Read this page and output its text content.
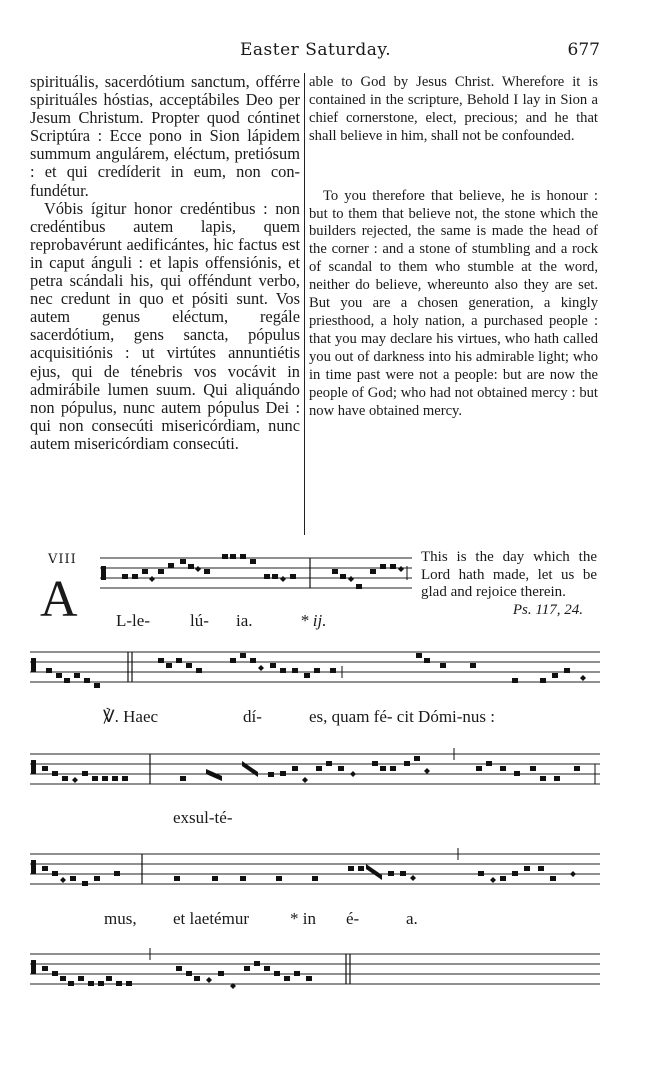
Easter Saturday.	677

spirituális, sacerdótium sanctum, offérre spirituáles hóstias, acceptábiles Deo per Jesum Christum. Propter quod cóntinet Scriptúra : Ecce pono in Sion lápidem summum angulárem, eléctum, pretiósum : et qui credíderit in eum, non confundétur.

Vóbis ígitur honor credéntibus : non credéntibus autem lapis, quem reprobavérunt aedificántes, hic factus est in caput ánguli : et lapis offensiónis, et petra scándali his, qui offéndunt verbo, nec credunt in quo et pósiti sunt. Vos autem genus eléctum, regále sacerdótium, gens sancta, pópulus acquisitiónis : ut virtútes annuntiétis ejus, qui de ténebris vos vocávit in admirábile lumen suum. Qui aliquándo non pópulus, nunc autem pópulus Dei : qui non consecúti misericórdiam, nunc autem misericórdiam consecúti.

able to God by Jesus Christ. Wherefore it is contained in the scripture, Behold I lay in Sion a chief cornerstone, elect, precious; and he that shall believe in him, shall not be confounded.

To you therefore that believe, he is honour : but to them that believe not, the stone which the builders rejected, the same is made the head of the corner : and a stone of stumbling and a rock of scandal to them who stumble at the word, neither do believe, whereunto also they are set. But you are a chosen generation, a kingly priesthood, a holy nation, a purchased people : that you may declare his virtues, who hath called you out of darkness into his admirable light; who in time past were not a people: but are now the people of God; who had not obtained mercy : but now have obtained mercy.

VIII
A
This is the day which the Lord hath made, let us be glad and rejoice therein.
Ps. 117, 24.
L-le- lú- ia.	* ij.
℣. Haec	dí-	es, quam fé- cit Dómi-nus :
exsul-té-
mus, et laetémur * in é-	a.
